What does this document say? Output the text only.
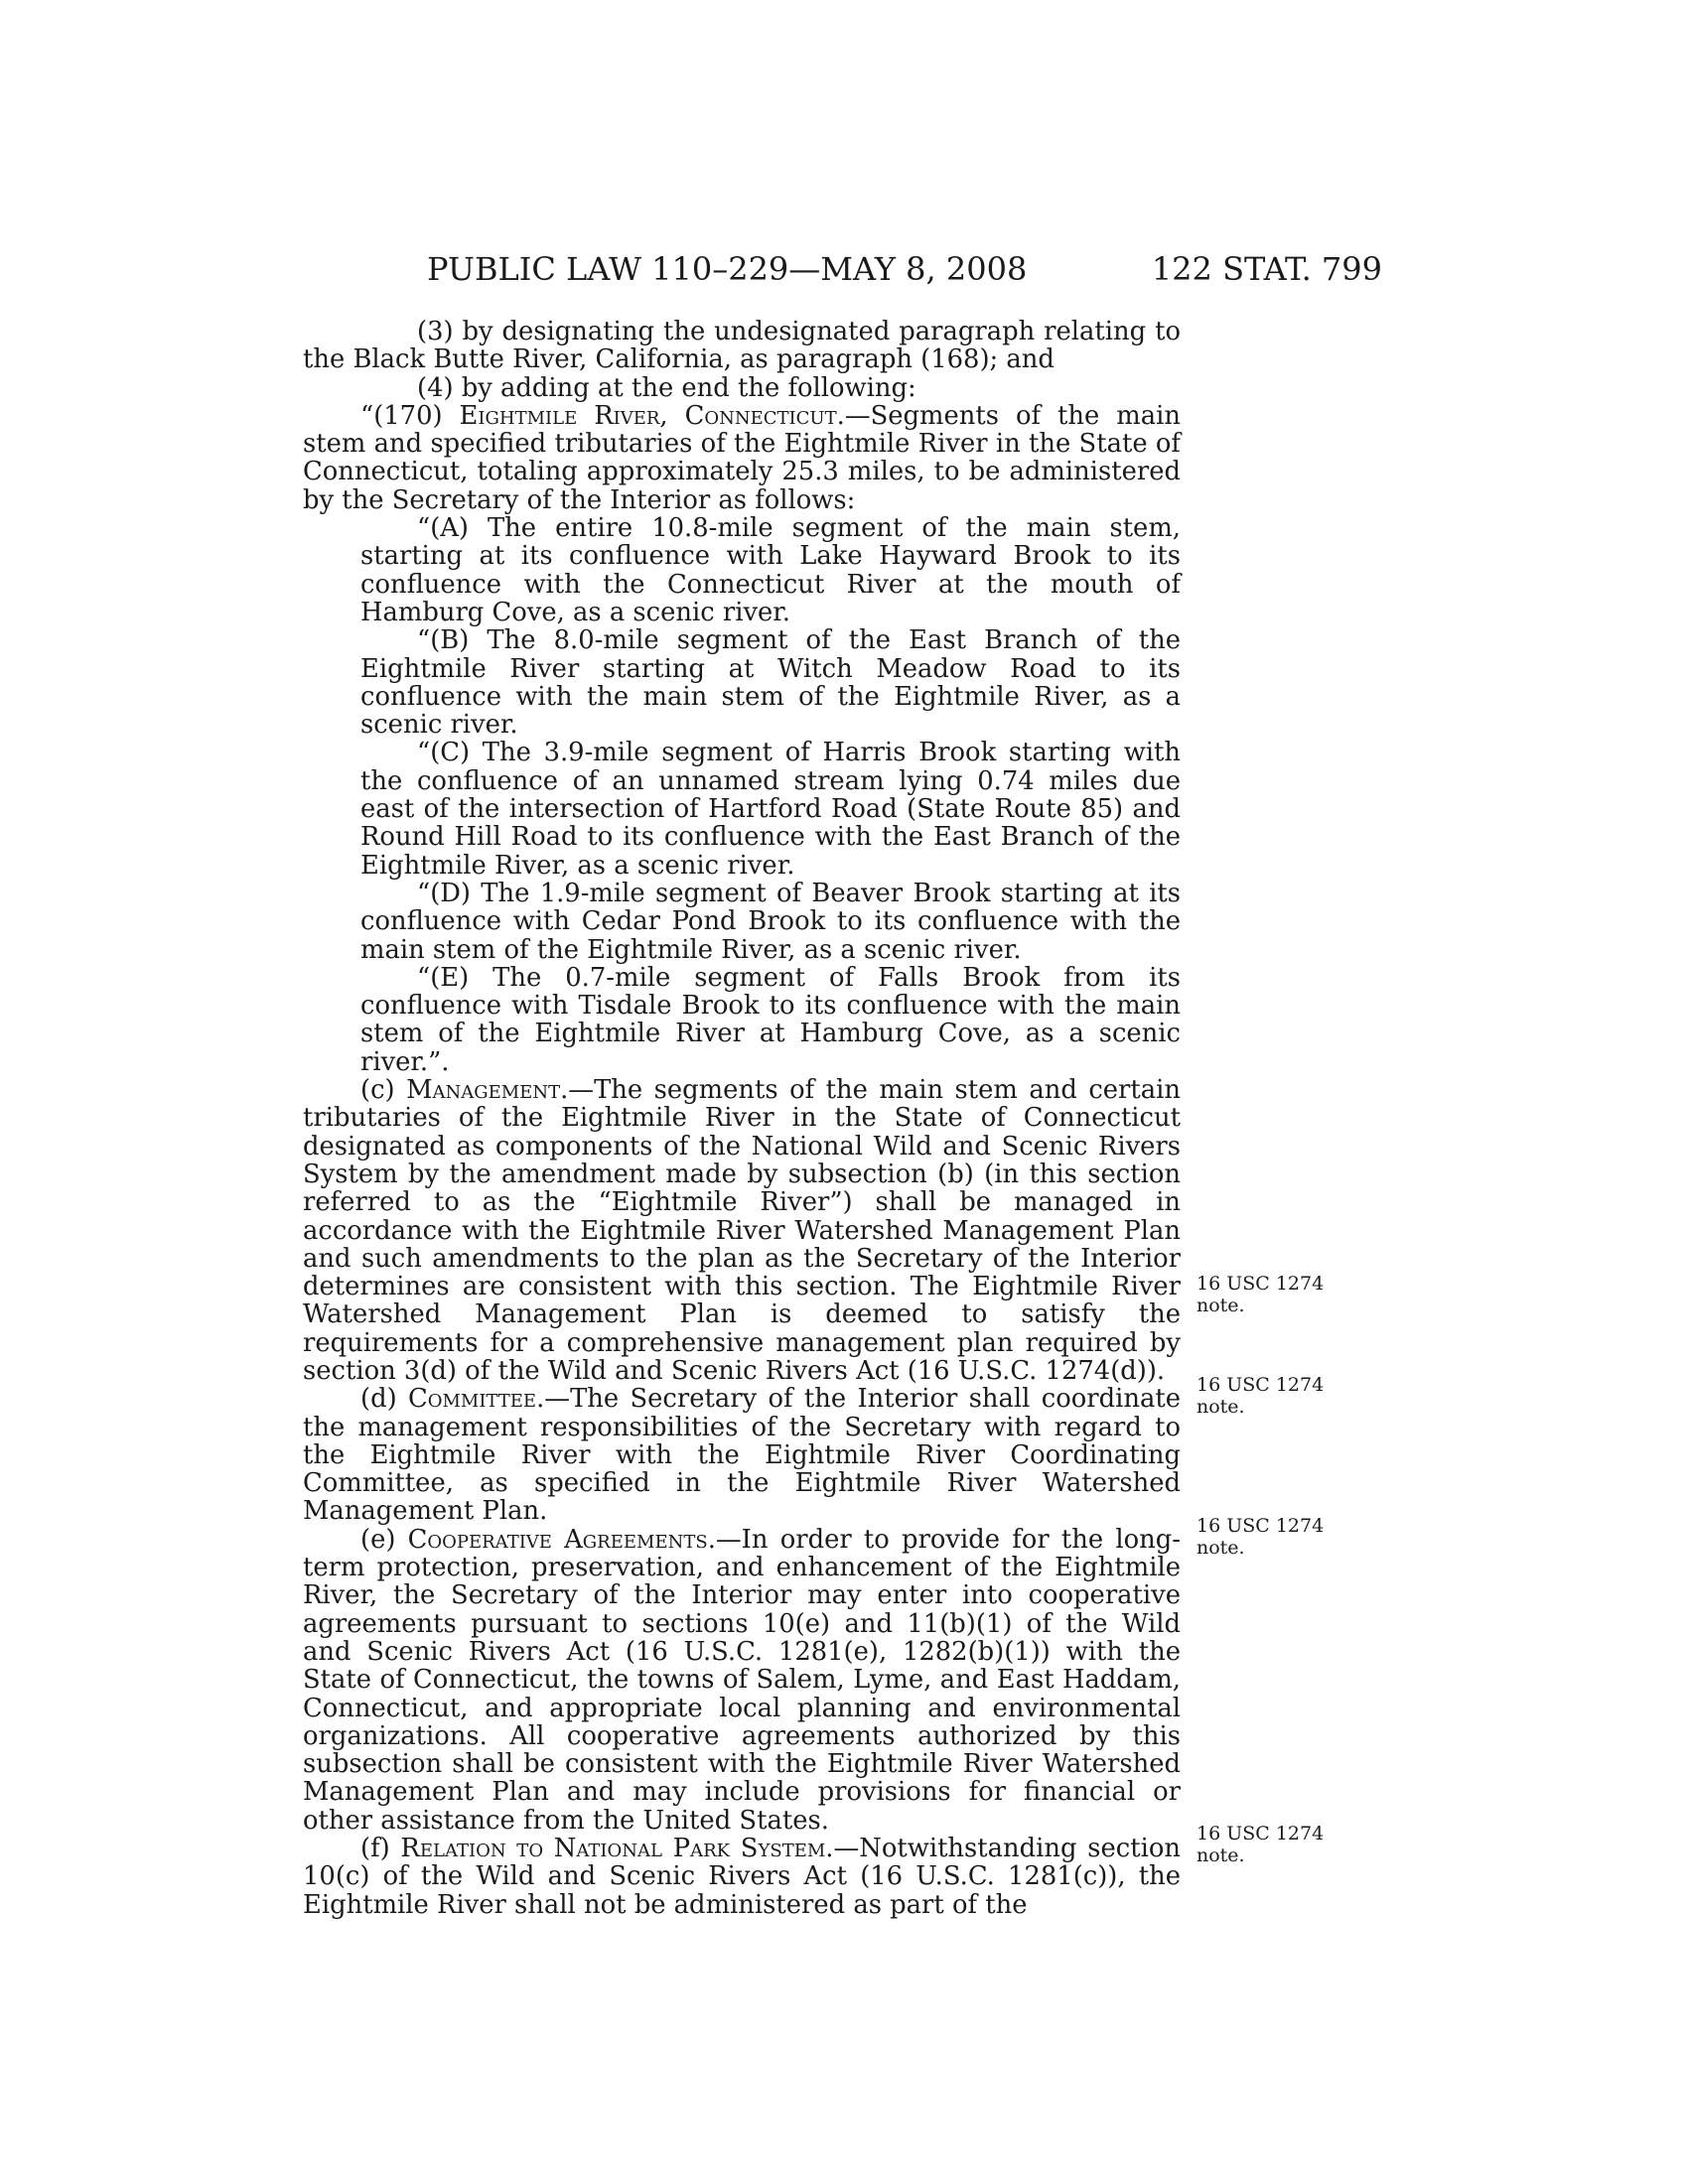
PUBLIC LAW 110–229—MAY 8, 2008	122 STAT. 799

(3) by designating the undesignated paragraph relating to the Black Butte River, California, as paragraph (168); and

(4) by adding at the end the following:

“(170) Eightmile River, Connecticut.—Segments of the main stem and specified tributaries of the Eightmile River in the State of Connecticut, totaling approximately 25.3 miles, to be administered by the Secretary of the Interior as follows:

“(A) The entire 10.8-mile segment of the main stem, starting at its confluence with Lake Hayward Brook to its confluence with the Connecticut River at the mouth of Hamburg Cove, as a scenic river.

“(B) The 8.0-mile segment of the East Branch of the Eightmile River starting at Witch Meadow Road to its confluence with the main stem of the Eightmile River, as a scenic river.

“(C) The 3.9-mile segment of Harris Brook starting with the confluence of an unnamed stream lying 0.74 miles due east of the intersection of Hartford Road (State Route 85) and Round Hill Road to its confluence with the East Branch of the Eightmile River, as a scenic river.

“(D) The 1.9-mile segment of Beaver Brook starting at its confluence with Cedar Pond Brook to its confluence with the main stem of the Eightmile River, as a scenic river.

“(E) The 0.7-mile segment of Falls Brook from its confluence with Tisdale Brook to its confluence with the main stem of the Eightmile River at Hamburg Cove, as a scenic river.”.

(c) Management.—The segments of the main stem and certain tributaries of the Eightmile River in the State of Connecticut designated as components of the National Wild and Scenic Rivers System by the amendment made by subsection (b) (in this section referred to as the “Eightmile River”) shall be managed in accordance with the Eightmile River Watershed Management Plan and such amendments to the plan as the Secretary of the Interior determines are consistent with this section. The Eightmile River Watershed Management Plan is deemed to satisfy the requirements for a comprehensive management plan required by section 3(d) of the Wild and Scenic Rivers Act (16 U.S.C. 1274(d)).

(d) Committee.—The Secretary of the Interior shall coordinate the management responsibilities of the Secretary with regard to the Eightmile River with the Eightmile River Coordinating Committee, as specified in the Eightmile River Watershed Management Plan.

(e) Cooperative Agreements.—In order to provide for the long-term protection, preservation, and enhancement of the Eightmile River, the Secretary of the Interior may enter into cooperative agreements pursuant to sections 10(e) and 11(b)(1) of the Wild and Scenic Rivers Act (16 U.S.C. 1281(e), 1282(b)(1)) with the State of Connecticut, the towns of Salem, Lyme, and East Haddam, Connecticut, and appropriate local planning and environmental organizations. All cooperative agreements authorized by this subsection shall be consistent with the Eightmile River Watershed Management Plan and may include provisions for financial or other assistance from the United States.

(f) Relation to National Park System.—Notwithstanding section 10(c) of the Wild and Scenic Rivers Act (16 U.S.C. 1281(c)), the Eightmile River shall not be administered as part of the

16 USC 1274
note.
16 USC 1274
note.
16 USC 1274
note.
16 USC 1274
note.
